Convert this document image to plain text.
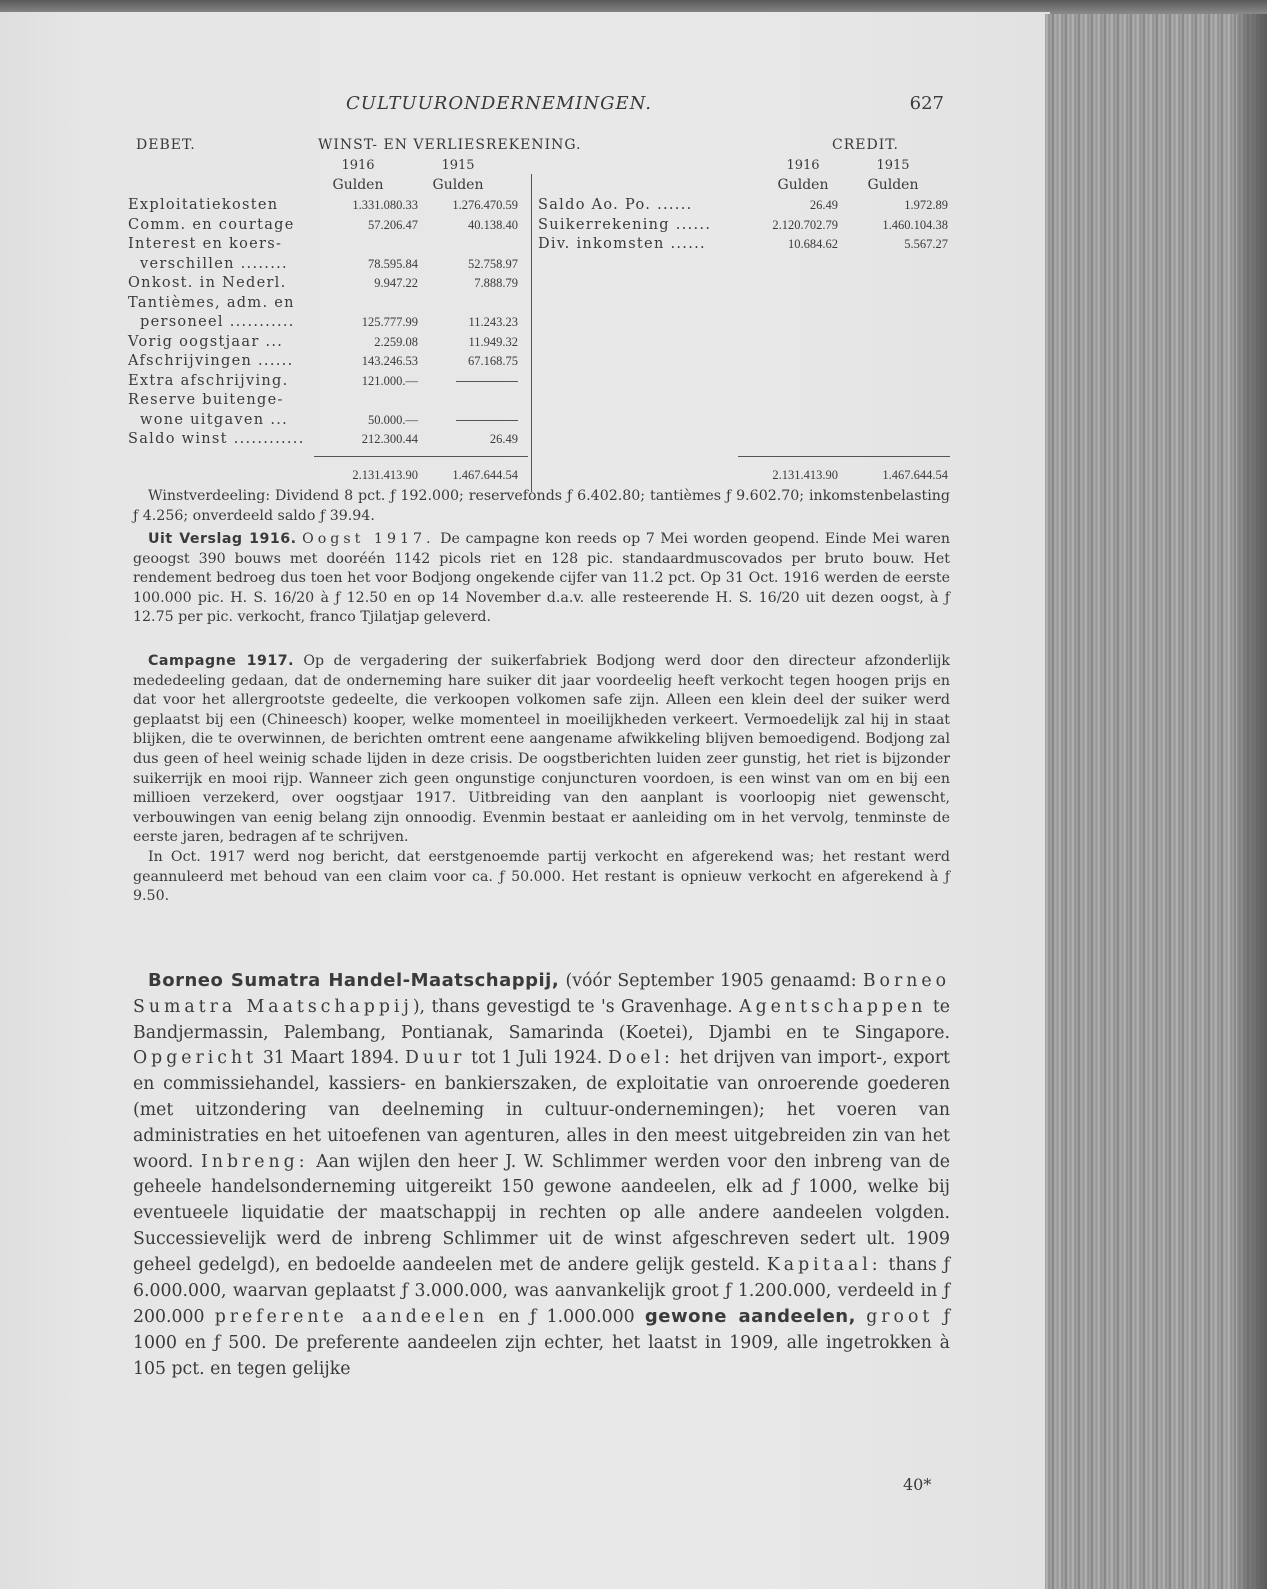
CULTUURONDERNEMINGEN.	627
DEBET.	WINST- EN VERLIESREKENING.	CREDIT.
1916	1915	1916	1915
Gulden	Gulden	Gulden	Gulden
Exploitatiekosten	1.331.080.33	1.276.470.59
Comm. en courtage	57.206.47	40.138.40
Interest en koers-
verschillen ........	78.595.84	52.758.97
Onkost. in Nederl.	9.947.22	7.888.79
Tantièmes, adm. en
personeel ...........	125.777.99	11.243.23
Vorig oogstjaar ...	2.259.08	11.949.32
Afschrijvingen ......	143.246.53	67.168.75
Extra afschrijving.	121.000.—
Reserve buitenge-
wone uitgaven ...	50.000.—
Saldo winst ............	212.300.44	26.49
Saldo Ao. Po. ......	26.49	1.972.89
Suikerrekening ......	2.120.702.79	1.460.104.38
Div. inkomsten ......	10.684.62	5.567.27
2.131.413.90	1.467.644.54	2.131.413.90	1.467.644.54

Winstverdeeling: Dividend 8 pct. ƒ 192.000; reservefonds ƒ 6.402.80; tantièmes ƒ 9.602.70; inkomstenbelasting ƒ 4.256; onverdeeld saldo ƒ 39.94.

Uit Verslag 1916. Oogst 1917. De campagne kon reeds op 7 Mei worden geopend. Einde Mei waren geoogst 390 bouws met dooréén 1142 picols riet en 128 pic. standaardmuscovados per bruto bouw. Het rendement bedroeg dus toen het voor Bodjong ongekende cijfer van 11.2 pct. Op 31 Oct. 1916 werden de eerste 100.000 pic. H. S. 16/20 à ƒ 12.50 en op 14 November d.a.v. alle resteerende H. S. 16/20 uit dezen oogst, à ƒ 12.75 per pic. verkocht, franco Tjilatjap geleverd.

Campagne 1917. Op de vergadering der suikerfabriek Bodjong werd door den directeur afzonderlijk mededeeling gedaan, dat de onderneming hare suiker dit jaar voordeelig heeft verkocht tegen hoogen prijs en dat voor het allergrootste gedeelte, die verkoopen volkomen safe zijn. Alleen een klein deel der suiker werd geplaatst bij een (Chineesch) kooper, welke momenteel in moeilijkheden verkeert. Vermoedelijk zal hij in staat blijken, die te overwinnen, de berichten omtrent eene aangename afwikkeling blijven bemoedigend. Bodjong zal dus geen of heel weinig schade lijden in deze crisis. De oogstberichten luiden zeer gunstig, het riet is bijzonder suikerrijk en mooi rijp. Wanneer zich geen ongunstige conjuncturen voordoen, is een winst van om en bij een millioen verzekerd, over oogstjaar 1917. Uitbreiding van den aanplant is voorloopig niet gewenscht, verbouwingen van eenig belang zijn onnoodig. Evenmin bestaat er aanleiding om in het vervolg, tenminste de eerste jaren, bedragen af te schrijven.

In Oct. 1917 werd nog bericht, dat eerstgenoemde partij verkocht en afgerekend was; het restant werd geannuleerd met behoud van een claim voor ca. ƒ 50.000. Het restant is opnieuw verkocht en afgerekend à ƒ 9.50.

Borneo Sumatra Handel-Maatschappij, (vóór September 1905 genaamd: Borneo Sumatra Maatschappij), thans gevestigd te 's Gravenhage. Agentschappen te Bandjermassin, Palembang, Pontianak, Samarinda (Koetei), Djambi en te Singapore. Opgericht 31 Maart 1894. Duur tot 1 Juli 1924. Doel: het drijven van import-, export en commissiehandel, kassiers- en bankierszaken, de exploitatie van onroerende goederen (met uitzondering van deelneming in cultuur-ondernemingen); het voeren van administraties en het uitoefenen van agenturen, alles in den meest uitgebreiden zin van het woord. Inbreng: Aan wijlen den heer J. W. Schlimmer werden voor den inbreng van de geheele handelsonderneming uitgereikt 150 gewone aandeelen, elk ad ƒ 1000, welke bij eventueele liquidatie der maatschappij in rechten op alle andere aandeelen volgden. Successievelijk werd de inbreng Schlimmer uit de winst afgeschreven sedert ult. 1909 geheel gedelgd), en bedoelde aandeelen met de andere gelijk gesteld. Kapitaal: thans ƒ 6.000.000, waarvan geplaatst ƒ 3.000.000, was aanvankelijk groot ƒ 1.200.000, verdeeld in ƒ 200.000 preferente aandeelen en ƒ 1.000.000 gewone aandeelen, groot ƒ 1000 en ƒ 500. De preferente aandeelen zijn echter, het laatst in 1909, alle ingetrokken à 105 pct. en tegen gelijke

40*
